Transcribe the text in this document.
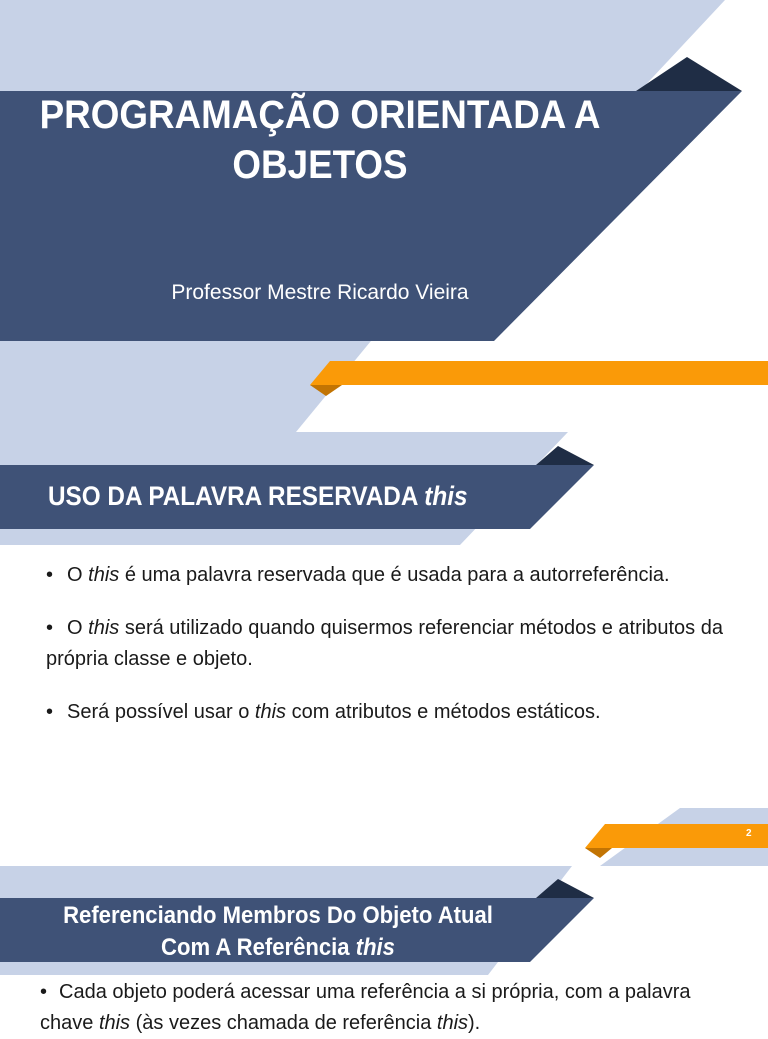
PROGRAMAÇÃO ORIENTADA A
OBJETOS
Professor Mestre Ricardo Vieira
USO DA PALAVRA RESERVADA this
• O this é uma palavra reservada que é usada para a autorreferência.
• O this será utilizado quando quisermos referenciar métodos e atributos da própria classe e objeto.
• Será possível usar o this com atributos e métodos estáticos.
2
Referenciando Membros Do Objeto Atual
Com A Referência this
• Cada objeto poderá acessar uma referência a si própria, com a palavra chave this (às vezes chamada de referência this).
